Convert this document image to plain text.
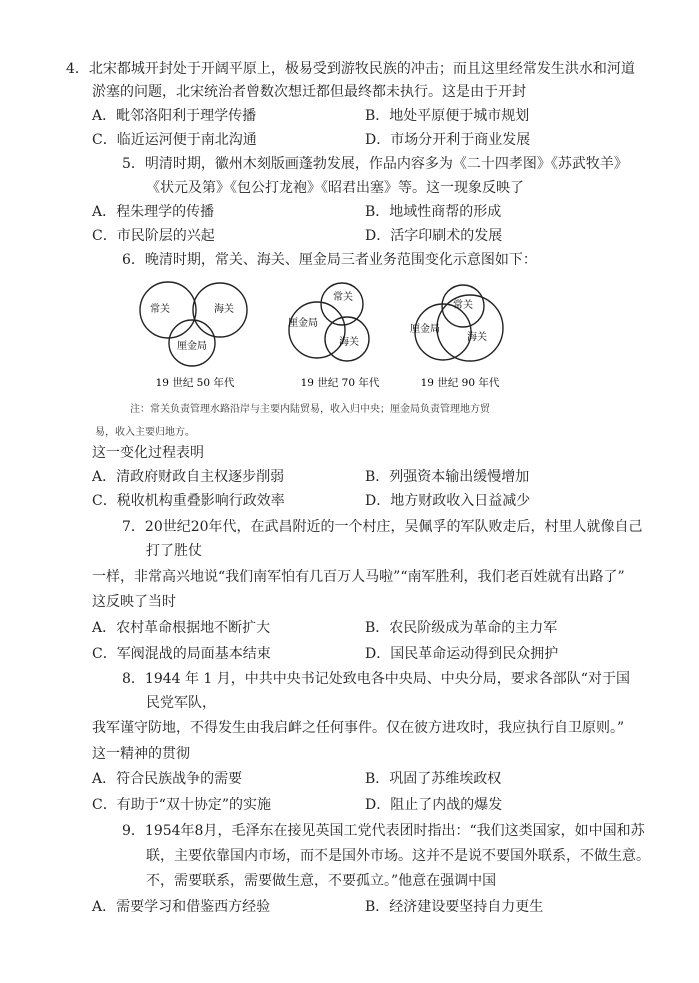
4．北宋都城开封处于开阔平原上，极易受到游牧民族的冲击；而且这里经常发生洪水和河道
淤塞的问题，北宋统治者曾数次想迁都但最终都未执行。这是由于开封
A．毗邻洛阳利于理学传播	B．地处平原便于城市规划
C．临近运河便于南北沟通	D．市场分开利于商业发展
5．明清时期，徽州木刻版画蓬勃发展，作品内容多为《二十四孝图》《苏武牧羊》
《状元及第》《包公打龙袍》《昭君出塞》等。这一现象反映了
A．程朱理学的传播	B．地域性商帮的形成
C．市民阶层的兴起	D．活字印刷术的发展
6．晚清时期，常关、海关、厘金局三者业务范围变化示意图如下：
常关	海关
厘金局
19 世纪 50 年代
常关
厘金局
海关
19 世纪 70 年代
常关
厘金局
海关
19 世纪 90 年代
注：常关负责管理水路沿岸与主要内陆贸易，收入归中央；厘金局负责管理地方贸
易，收入主要归地方。
这一变化过程表明
A．清政府财政自主权逐步削弱	B．列强资本输出缓慢增加
C．税收机构重叠影响行政效率	D．地方财政收入日益减少
7．20世纪20年代，在武昌附近的一个村庄，吴佩孚的军队败走后，村里人就像自己
打了胜仗
一样，非常高兴地说“我们南军怕有几百万人马啦”“南军胜利，我们老百姓就有出路了”
这反映了当时
A．农村革命根据地不断扩大	B．农民阶级成为革命的主力军
C．军阀混战的局面基本结束	D．国民革命运动得到民众拥护
8．1944 年 1 月，中共中央书记处致电各中央局、中央分局，要求各部队“对于国
民党军队，
我军谨守防地，不得发生由我启衅之任何事件。仅在彼方进攻时，我应执行自卫原则。”
这一精神的贯彻
A．符合民族战争的需要	B．巩固了苏维埃政权
C．有助于“双十协定”的实施	D．阻止了内战的爆发
9．1954年8月，毛泽东在接见英国工党代表团时指出：“我们这类国家，如中国和苏
联，主要依靠国内市场，而不是国外市场。这并不是说不要国外联系，不做生意。
不，需要联系，需要做生意，不要孤立。”他意在强调中国
A．需要学习和借鉴西方经验	B．经济建设要坚持自力更生
